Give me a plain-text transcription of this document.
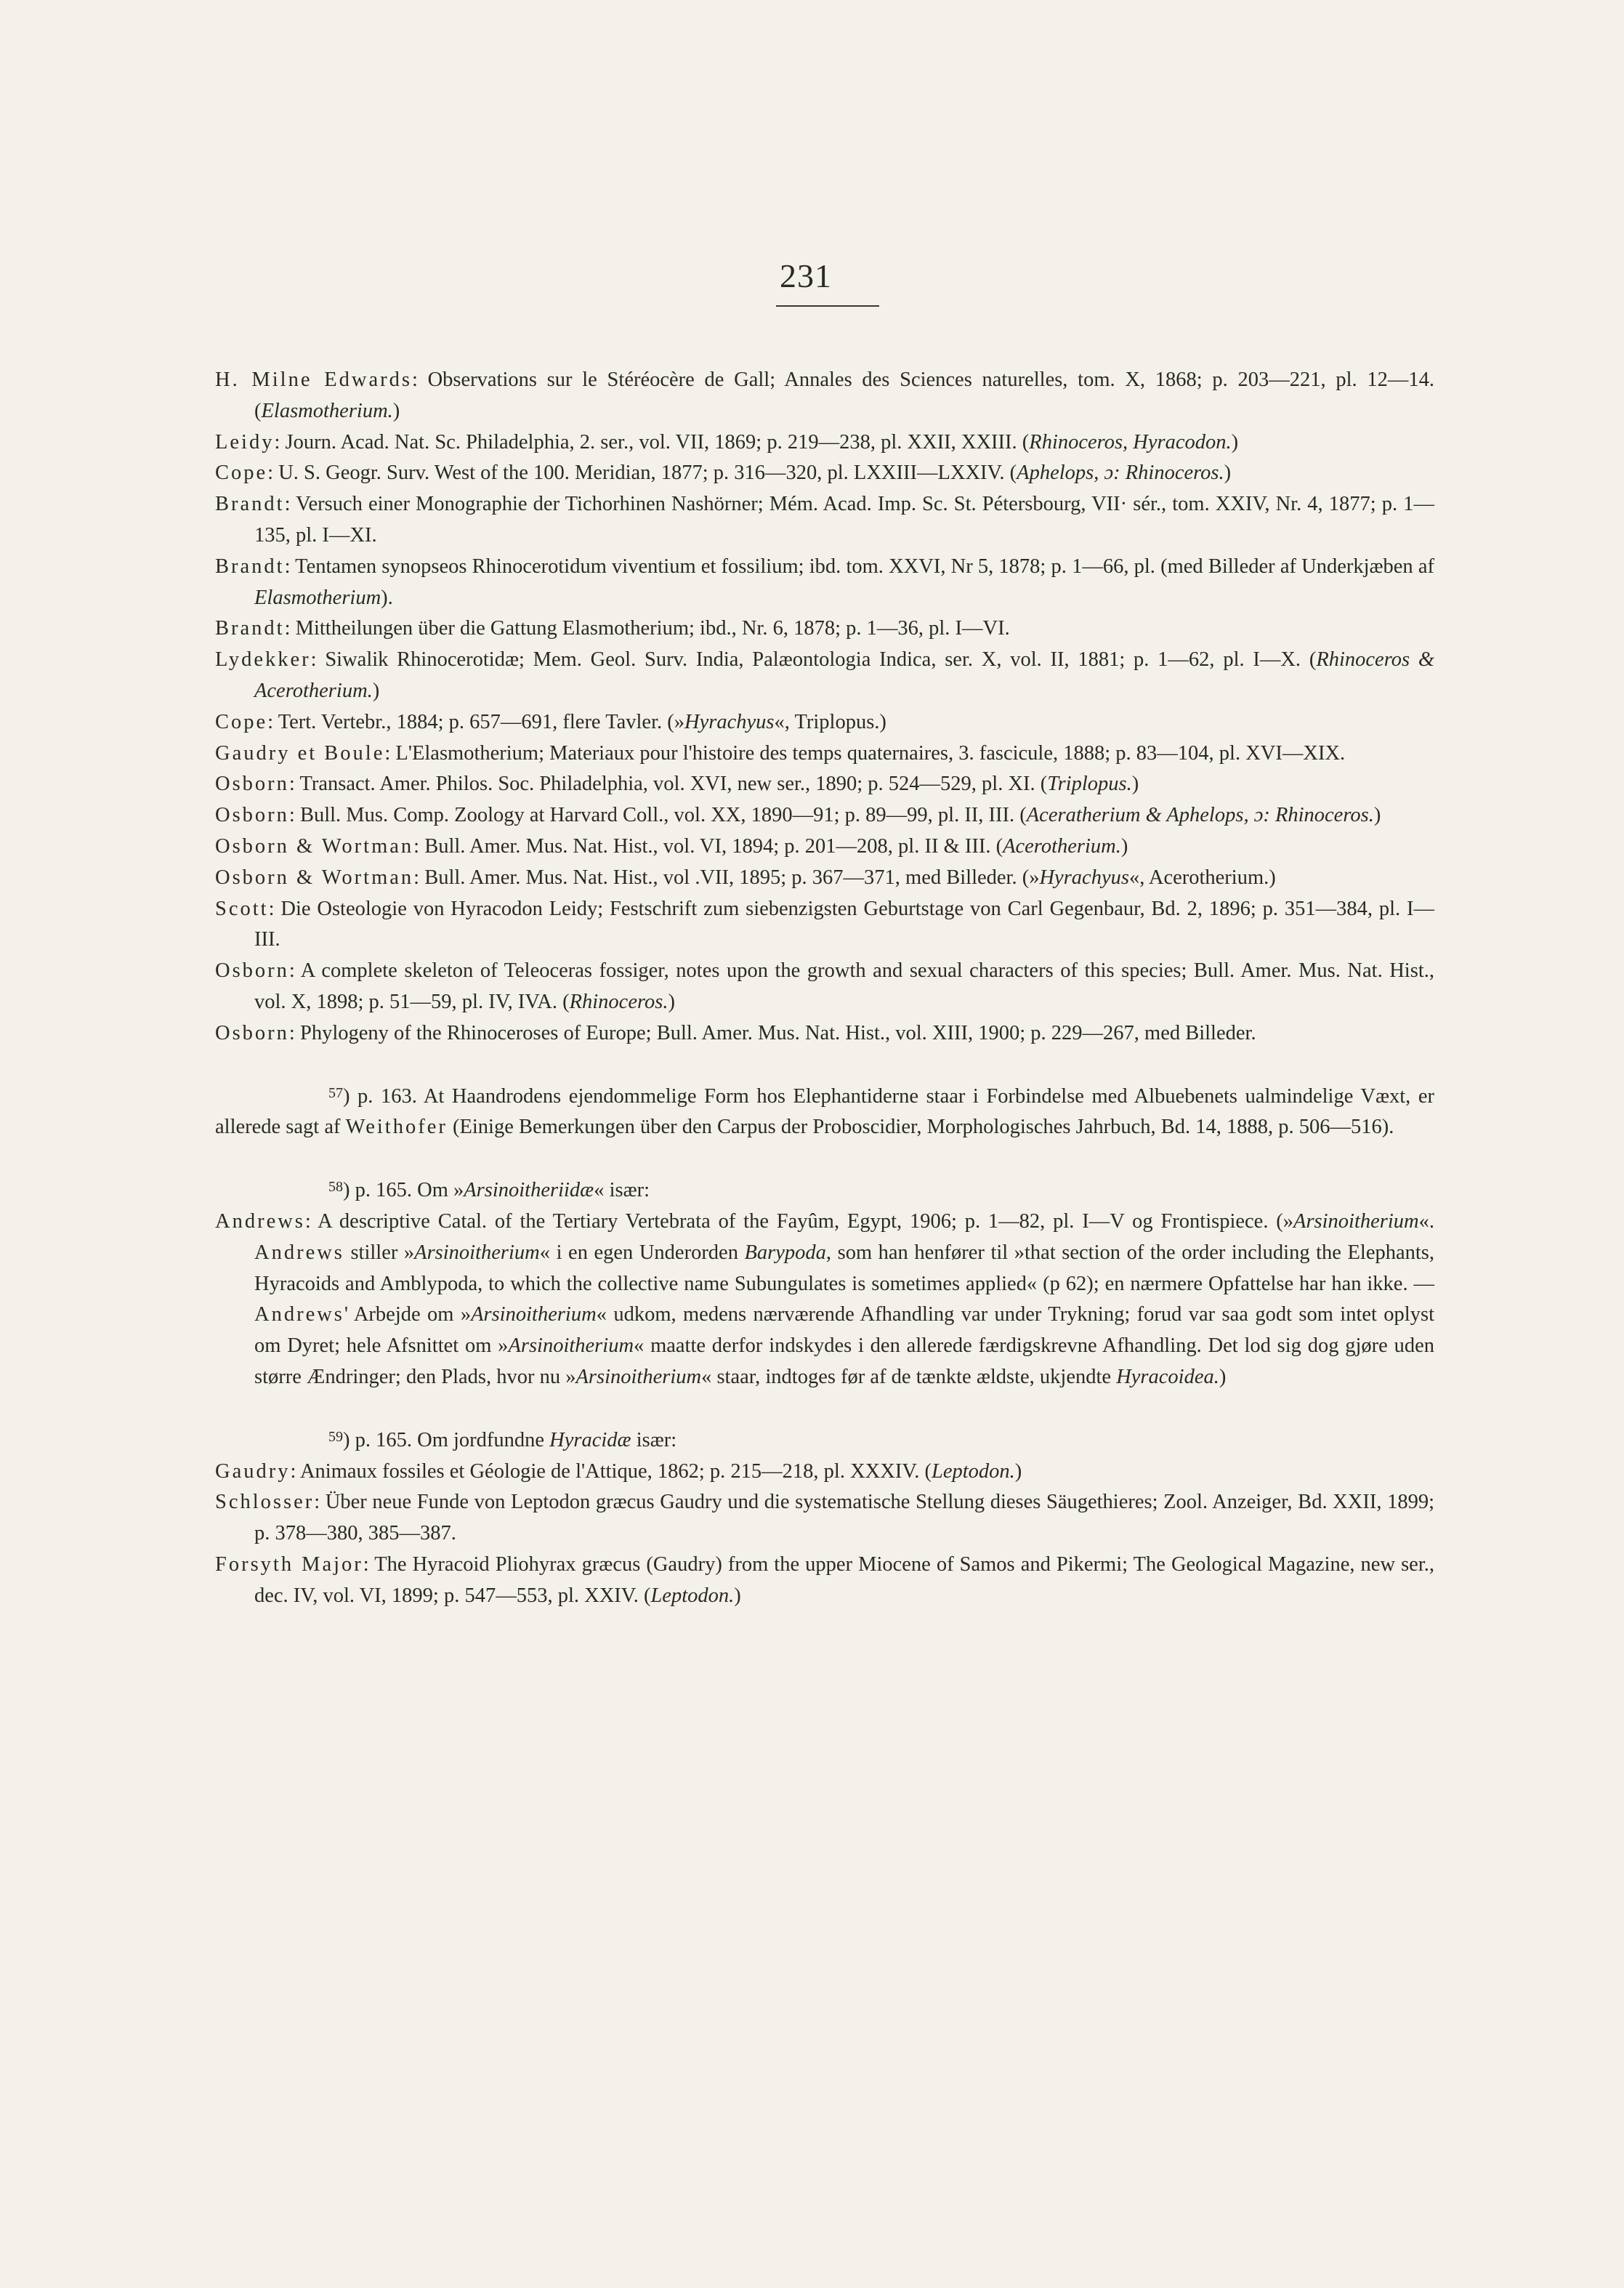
231

H. Milne Edwards: Observations sur le Stéréocère de Gall; Annales des Sciences naturelles, tom. X, 1868; p. 203—221, pl. 12—14. (Elasmotherium.)

Leidy: Journ. Acad. Nat. Sc. Philadelphia, 2. ser., vol. VII, 1869; p. 219—238, pl. XXII, XXIII. (Rhinoceros, Hyracodon.)

Cope: U. S. Geogr. Surv. West of the 100. Meridian, 1877; p. 316—320, pl. LXXIII—LXXIV. (Aphelops, ɔ: Rhinoceros.)

Brandt: Versuch einer Monographie der Tichorhinen Nashörner; Mém. Acad. Imp. Sc. St. Pétersbourg, VII· sér., tom. XXIV, Nr. 4, 1877; p. 1—135, pl. I—XI.

Brandt: Tentamen synopseos Rhinocerotidum viventium et fossilium; ibd. tom. XXVI, Nr 5, 1878; p. 1—66, pl. (med Billeder af Underkjæben af Elasmotherium).

Brandt: Mittheilungen über die Gattung Elasmotherium; ibd., Nr. 6, 1878; p. 1—36, pl. I—VI.

Lydekker: Siwalik Rhinocerotidæ; Mem. Geol. Surv. India, Palæontologia Indica, ser. X, vol. II, 1881; p. 1—62, pl. I—X. (Rhinoceros & Acerotherium.)

Cope: Tert. Vertebr., 1884; p. 657—691, flere Tavler. (»Hyrachyus«, Triplopus.)

Gaudry et Boule: L'Elasmotherium; Materiaux pour l'histoire des temps quaternaires, 3. fascicule, 1888; p. 83—104, pl. XVI—XIX.

Osborn: Transact. Amer. Philos. Soc. Philadelphia, vol. XVI, new ser., 1890; p. 524—529, pl. XI. (Triplopus.)

Osborn: Bull. Mus. Comp. Zoology at Harvard Coll., vol. XX, 1890—91; p. 89—99, pl. II, III. (Aceratherium & Aphelops, ɔ: Rhinoceros.)

Osborn & Wortman: Bull. Amer. Mus. Nat. Hist., vol. VI, 1894; p. 201—208, pl. II & III. (Acerotherium.)

Osborn & Wortman: Bull. Amer. Mus. Nat. Hist., vol .VII, 1895; p. 367—371, med Billeder. (»Hyrachyus«, Acerotherium.)

Scott: Die Osteologie von Hyracodon Leidy; Festschrift zum siebenzigsten Geburtstage von Carl Gegenbaur, Bd. 2, 1896; p. 351—384, pl. I—III.

Osborn: A complete skeleton of Teleoceras fossiger, notes upon the growth and sexual characters of this species; Bull. Amer. Mus. Nat. Hist., vol. X, 1898; p. 51—59, pl. IV, IVA. (Rhinoceros.)

Osborn: Phylogeny of the Rhinoceroses of Europe; Bull. Amer. Mus. Nat. Hist., vol. XIII, 1900; p. 229—267, med Billeder.

$^{57}$) p. 163. At Haandrodens ejendommelige Form hos Elephantiderne staar i Forbindelse med Albuebenets ualmindelige Væxt, er allerede sagt af Weithofer (Einige Bemerkungen über den Carpus der Proboscidier, Morphologisches Jahrbuch, Bd. 14, 1888, p. 506—516).

$^{58}$) p. 165. Om »Arsinoitheriidæ« især:

Andrews: A descriptive Catal. of the Tertiary Vertebrata of the Fayûm, Egypt, 1906; p. 1—82, pl. I—V og Frontispiece. (»Arsinoitherium«. Andrews stiller »Arsinoitherium« i en egen Underorden Barypoda, som han henfører til »that section of the order including the Elephants, Hyracoids and Amblypoda, to which the collective name Subungulates is sometimes applied« (p 62); en nærmere Opfattelse har han ikke. — Andrews' Arbejde om »Arsinoitherium« udkom, medens nærværende Afhandling var under Trykning; forud var saa godt som intet oplyst om Dyret; hele Afsnittet om »Arsinoitherium« maatte derfor indskydes i den allerede færdigskrevne Afhandling. Det lod sig dog gjøre uden større Ændringer; den Plads, hvor nu »Arsinoitherium« staar, indtoges før af de tænkte ældste, ukjendte Hyracoidea.)

$^{59}$) p. 165. Om jordfundne Hyracidæ især:

Gaudry: Animaux fossiles et Géologie de l'Attique, 1862; p. 215—218, pl. XXXIV. (Leptodon.)

Schlosser: Über neue Funde von Leptodon græcus Gaudry und die systematische Stellung dieses Säugethieres; Zool. Anzeiger, Bd. XXII, 1899; p. 378—380, 385—387.

Forsyth Major: The Hyracoid Pliohyrax græcus (Gaudry) from the upper Miocene of Samos and Pikermi; The Geological Magazine, new ser., dec. IV, vol. VI, 1899; p. 547—553, pl. XXIV. (Leptodon.)
